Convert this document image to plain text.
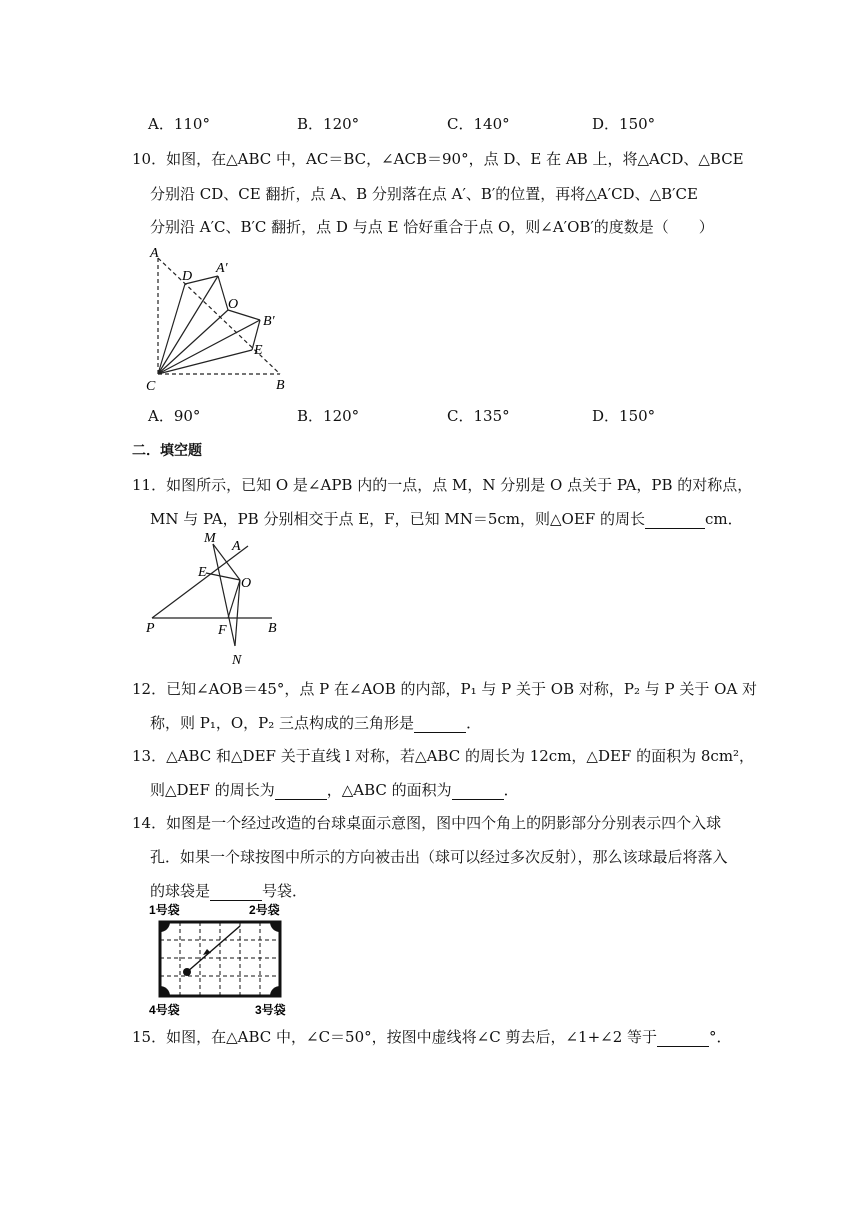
A．110°	B．120°	C．140°	D．150°
10．如图，在△ABC 中，AC＝BC，∠ACB＝90°，点 D、E 在 AB 上，将△ACD、△BCE
分别沿 CD、CE 翻折，点 A、B 分别落在点 A′、B′的位置，再将△A′CD、△B′CE
分别沿 A′C、B′C 翻折，点 D 与点 E 恰好重合于点 O，则∠A′OB′的度数是（　　）
A
D
A′
O
B′
E
C	B
A．90°	B．120°	C．135°	D．150°
二．填空题
11．如图所示，已知 O 是∠APB 内的一点，点 M，N 分别是 O 点关于 PA，PB 的对称点，
MN 与 PA，PB 分别相交于点 E，F，已知 MN＝5cm，则△OEF 的周长	cm．
M
A
E
O
P	F	B
N
12．已知∠AOB＝45°，点 P 在∠AOB 的内部，P₁ 与 P 关于 OB 对称，P₂ 与 P 关于 OA 对
称，则 P₁，O，P₂ 三点构成的三角形是	．
13．△ABC 和△DEF 关于直线 l 对称，若△ABC 的周长为 12cm，△DEF 的面积为 8cm²，
则△DEF 的周长为	，△ABC 的面积为	．
14．如图是一个经过改造的台球桌面示意图，图中四个角上的阴影部分分别表示四个入球
孔．如果一个球按图中所示的方向被击出（球可以经过多次反射），那么该球最后将落入
的球袋是	号袋．
1号袋	2号袋
4号袋	3号袋
15．如图，在△ABC 中，∠C＝50°，按图中虚线将∠C 剪去后，∠1+∠2 等于	°．
